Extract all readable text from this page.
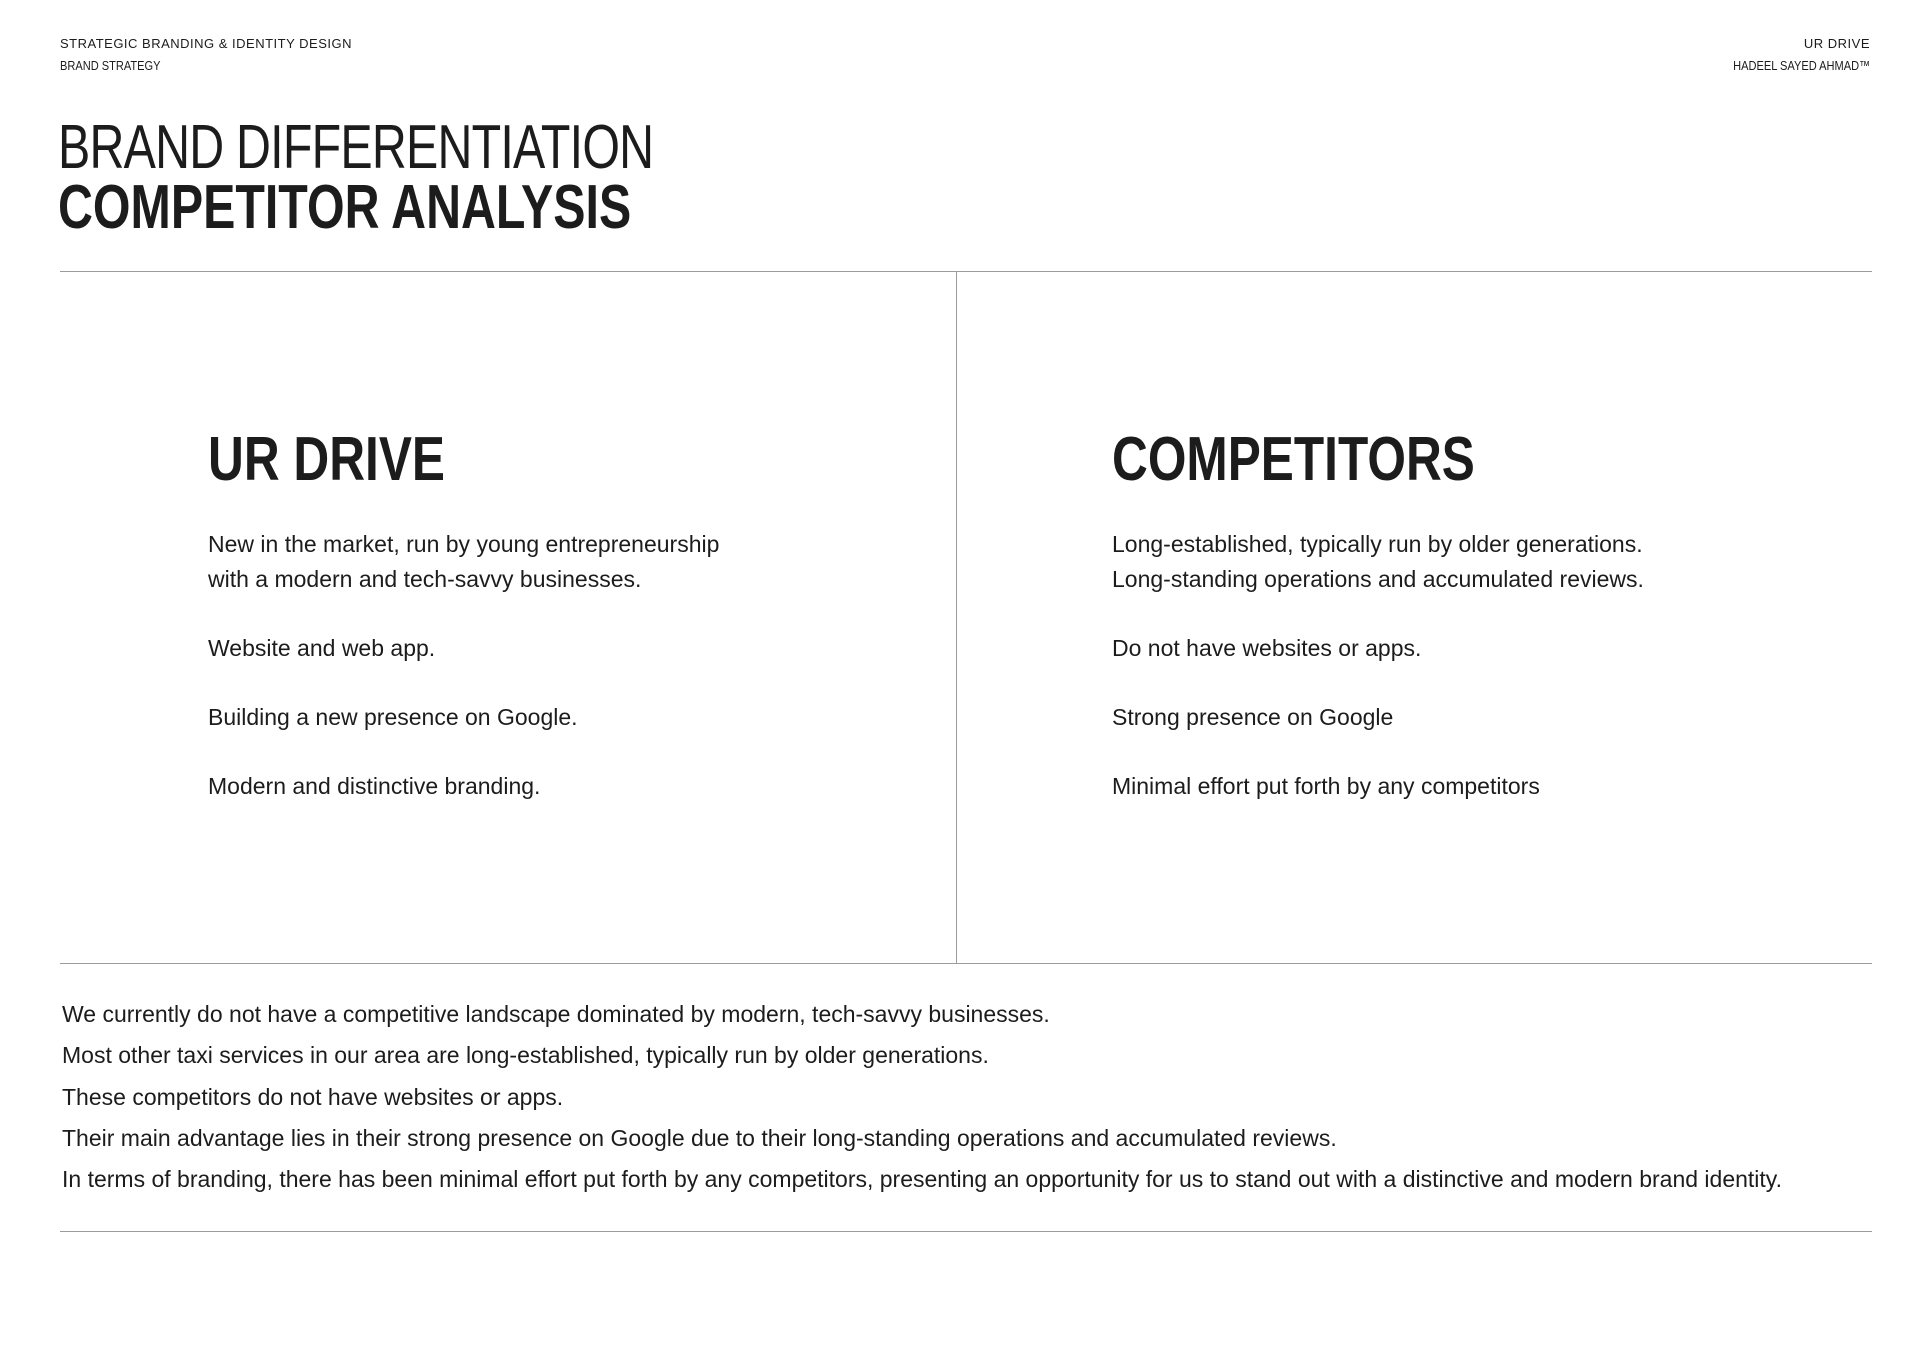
STRATEGIC BRANDING & IDENTITY DESIGN
BRAND STRATEGY
UR DRIVE
HADEEL SAYED AHMAD™
BRAND DIFFERENTIATION
COMPETITOR ANALYSIS
UR DRIVE

New in the market, run by young entrepreneurship
with a modern and tech-savvy businesses.

Website and web app.

Building a new presence on Google.

Modern and distinctive branding.

COMPETITORS

Long-established, typically run by older generations.
Long-standing operations and accumulated reviews.

Do not have websites or apps.

Strong presence on Google

Minimal effort put forth by any competitors

We currently do not have a competitive landscape dominated by modern, tech-savvy businesses.
Most other taxi services in our area are long-established, typically run by older generations.
These competitors do not have websites or apps.
Their main advantage lies in their strong presence on Google due to their long-standing operations and accumulated reviews.
In terms of branding, there has been minimal effort put forth by any competitors, presenting an opportunity for us to stand out with a distinctive and modern brand identity.
